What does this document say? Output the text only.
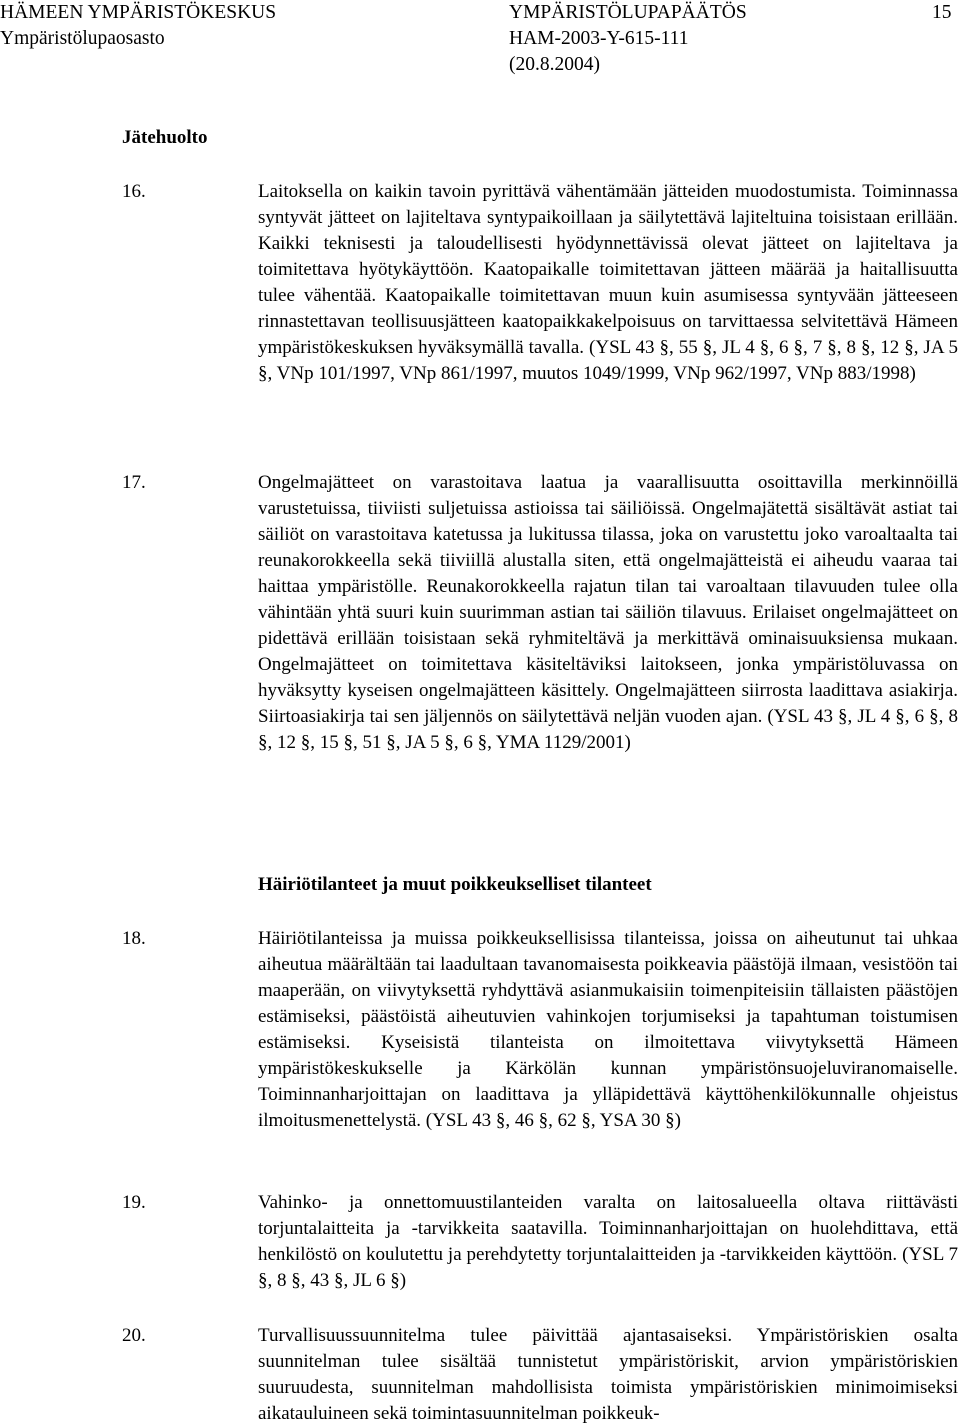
HÄMEEN YMPÄRISTÖKESKUS
Ympäristölupaosasto
YMPÄRISTÖLUPAPÄÄTÖS
HAM-2003-Y-615-111
(20.8.2004)
15
Jätehuolto
16.	Laitoksella on kaikin tavoin pyrittävä vähentämään jätteiden muodostumista. Toiminnassa syntyvät jätteet on lajiteltava syntypaikoillaan ja säilytettävä lajiteltuina toisistaan erillään. Kaikki teknisesti ja taloudellisesti hyödynnettävissä olevat jätteet on lajiteltava ja toimitettava hyötykäyttöön. Kaatopaikalle toimitettavan jätteen määrää ja haitallisuutta tulee vähentää. Kaatopaikalle toimitettavan muun kuin asumisessa syntyvään jätteeseen rinnastettavan teollisuusjätteen kaatopaikkakelpoisuus on tarvittaessa selvitettävä Hämeen ympäristökeskuksen hyväksymällä tavalla. (YSL 43 §, 55 §, JL 4 §, 6 §, 7 §, 8 §, 12 §, JA 5 §, VNp 101/1997, VNp 861/1997, muutos 1049/1999, VNp 962/1997, VNp 883/1998)
17.	Ongelmajätteet on varastoitava laatua ja vaarallisuutta osoittavilla merkinnöillä varustetuissa, tiiviisti suljetuissa astioissa tai säiliöissä. Ongelmajätettä sisältävät astiat tai säiliöt on varastoitava katetussa ja lukitussa tilassa, joka on varustettu joko varoaltaalta tai reunakorokkeella sekä tiiviillä alustalla siten, että ongelmajätteistä ei aiheudu vaaraa tai haittaa ympäristölle. Reunakorokkeella rajatun tilan tai varoaltaan tilavuuden tulee olla vähintään yhtä suuri kuin suurimman astian tai säiliön tilavuus. Erilaiset ongelmajätteet on pidettävä erillään toisistaan sekä ryhmiteltävä ja merkittävä ominaisuuksiensa mukaan. Ongelmajätteet on toimitettava käsiteltäviksi laitokseen, jonka ympäristöluvassa on hyväksytty kyseisen ongelmajätteen käsittely. Ongelmajätteen siirrosta laadittava asiakirja. Siirtoasiakirja tai sen jäljennös on säilytettävä neljän vuoden ajan. (YSL 43 §, JL 4 §, 6 §, 8 §, 12 §, 15 §, 51 §, JA 5 §, 6 §, YMA 1129/2001)
Häiriötilanteet ja muut poikkeukselliset tilanteet
18.	Häiriötilanteissa ja muissa poikkeuksellisissa tilanteissa, joissa on aiheutunut tai uhkaa aiheutua määrältään tai laadultaan tavanomaisesta poikkeavia päästöjä ilmaan, vesistöön tai maaperään, on viivytyksettä ryhdyttävä asianmukaisiin toimenpiteisiin tällaisten päästöjen estämiseksi, päästöistä aiheutuvien vahinkojen torjumiseksi ja tapahtuman toistumisen estämiseksi. Kyseisistä tilanteista on ilmoitettava viivytyksettä Hämeen ympäristökeskukselle ja Kärkölän kunnan ympäristönsuojeluviranomaiselle. Toiminnanharjoittajan on laadittava ja ylläpidettävä käyttöhenkilökunnalle ohjeistus ilmoitusmenettelystä. (YSL 43 §, 46 §, 62 §, YSA 30 §)
19.	Vahinko- ja onnettomuustilanteiden varalta on laitosalueella oltava riittävästi torjuntalaitteita ja -tarvikkeita saatavilla. Toiminnanharjoittajan on huolehdittava, että henkilöstö on koulutettu ja perehdytetty torjuntalaitteiden ja -tarvikkeiden käyttöön. (YSL 7 §, 8 §, 43 §, JL 6 §)
20.	Turvallisuussuunnitelma tulee päivittää ajantasaiseksi. Ympäristöriskien osalta suunnitelman tulee sisältää tunnistetut ympäristöriskit, arvion ympäristöriskien suuruudesta, suunnitelman mahdollisista toimista ympäristöriskien minimoimiseksi aikatauluineen sekä toimintasuunnitelman poikkeuk-
